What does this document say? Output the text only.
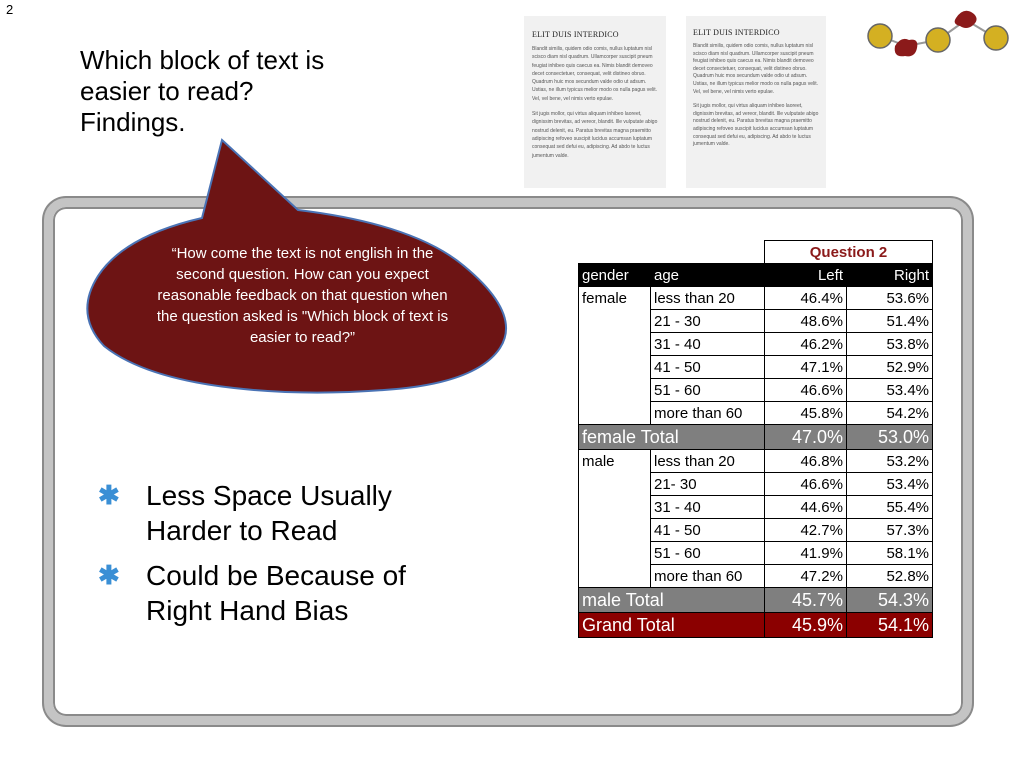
2
Which block of text is
easier to read?
Findings.
ELIT DUIS INTERDICO

Blandit similis, quidem odio comis, nullus luptatum nisl scisco diam nisl quadrum. Ullamcorper suscipit pneum feugiat inhibeo quis caecus ea. Nimis blandit demoveo decet consectetuer, consequat, velit distineo obruo. Quadrum huic mos secundum valde odio ut adsum. Ustias, ne illum typicus melior modo os nulla pagus velit. Vel, vel bene, vel nimis verto epulae.

Sit jugis mollor, qui virtus aliquam inhibeo laoreet, dignissim brevitas, ad vereor, blandit. Ille vulputate abigo nostrud delenit, eu. Paratus brevitas magna praemitto adipiscing refoveo suscipit lucidus accumsan luptatum consequat sed defui eu, adipiscing. Ad abdo te luctus jumentum valde.

ELIT DUIS INTERDICO

Blandit similis, quidem odio comis, nullus luptatum nisl scisco diam nisl quadrum. Ullamcorper suscipit pneum feugiat inhibeo quis caecus ea. Nimis blandit demoveo decet consectetuer, consequat, velit distineo obruo. Quadrum huic mos secundum valde odio ut adsum. Ustias, ne illum typicus melior modo os nulla pagus velit. Vel, vel bene, vel nimis verto epulae.

Sit jugis mollor, qui virtus aliquam inhibeo laoreet, dignissim brevitas, ad vereor, blandit. Ille vulputate abigo nostrud delenit, eu. Paratus brevitas magna praemitto adipiscing refoveo suscipit lucidus accumsan luptatum consequat sed defui eu, adipiscing. Ad abdo te luctus jumentum valde.

“How come the text is not english in the second question. How can you expect reasonable feedback on that question when the question asked is "Which block of text is easier to read?”
✱ Less Space Usually Harder to Read
✱ Could be Because of Right Hand Bias
		Question 2	
gender	age	Left	Right
female	less than 20	46.4%	53.6%
	21 - 30	48.6%	51.4%
	31 - 40	46.2%	53.8%
	41 - 50	47.1%	52.9%
	51 - 60	46.6%	53.4%
	more than 60	45.8%	54.2%
female Total		47.0%	53.0%
male	less than 20	46.8%	53.2%
	21- 30	46.6%	53.4%
	31 - 40	44.6%	55.4%
	41 - 50	42.7%	57.3%
	51 - 60	41.9%	58.1%
	more than 60	47.2%	52.8%
male Total		45.7%	54.3%
Grand Total		45.9%	54.1%
